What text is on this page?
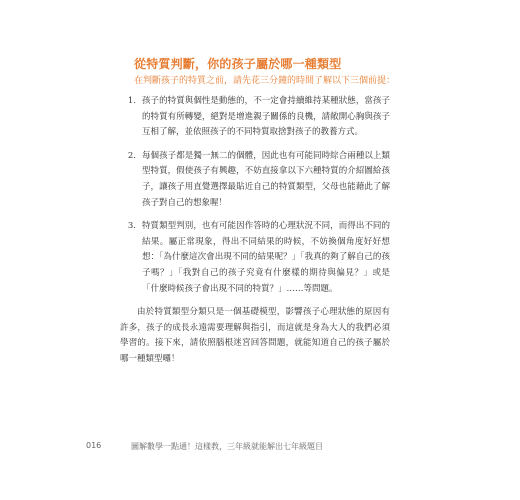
從特質判斷，你的孩子屬於哪一種類型
在判斷孩子的特質之前，請先花三分鐘的時間了解以下三個前提：
1. 孩子的特質與個性是動態的，不一定會持續維持某種狀態，當孩子的特質有所轉變，絕對是增進親子關係的良機，請敞開心胸與孩子互相了解，並依照孩子的不同特質取捨對孩子的教養方式。
2. 每個孩子都是獨一無二的個體，因此也有可能同時綜合兩種以上類型特質，假使孩子有興趣，不妨直接拿以下六種特質的介紹圖給孩子，讓孩子用直覺選擇最貼近自己的特質類型，父母也能藉此了解孩子對自己的想象喔！
3. 特質類型判別，也有可能因作答時的心理狀況不同，而得出不同的結果。屬正常現象，得出不同結果的時候，不妨換個角度好好想想：「為什麼這次會出現不同的結果呢？」「我真的夠了解自己的孩子嗎？」「我對自己的孩子究竟有什麼樣的期待與偏見？」或是「什麼時候孩子會出現不同的特質？」……等問題。

由於特質類型分類只是一個基礎模型，影響孩子心理狀態的原因有許多，孩子的成長永遠需要理解與指引，而這就是身為大人的我們必須學習的。接下來，請依照腦根迷宮回答問題，就能知道自己的孩子屬於哪一種類型囉！

016	圖解數學一點通！這樣教，三年級就能解出七年級題目
